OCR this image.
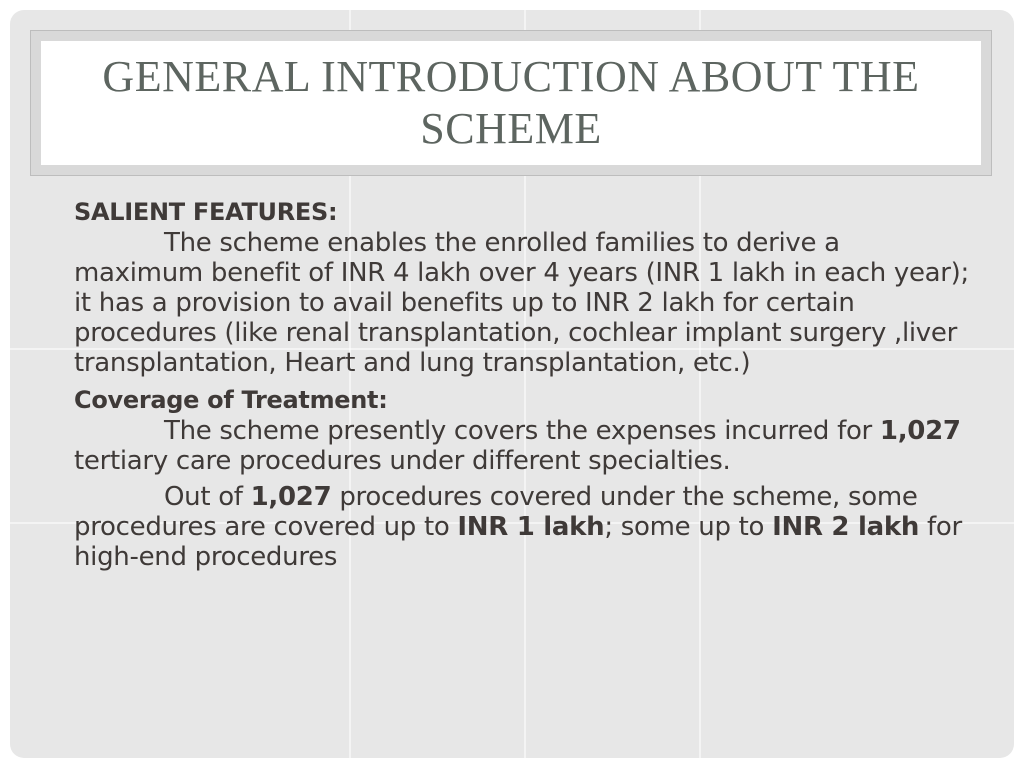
GENERAL INTRODUCTION ABOUT THE SCHEME

SALIENT FEATURES:

The scheme enables the enrolled families to derive a maximum benefit of INR 4 lakh over 4 years (INR 1 lakh in each year); it has a provision to avail benefits up to INR 2 lakh for certain procedures (like renal transplantation, cochlear implant surgery ,liver transplantation, Heart and lung transplantation, etc.)

Coverage of Treatment:

The scheme presently covers the expenses incurred for 1,027 tertiary care procedures under different specialties.

Out of 1,027 procedures covered under the scheme, some procedures are covered up to INR 1 lakh; some up to INR 2 lakh for high-end procedures
